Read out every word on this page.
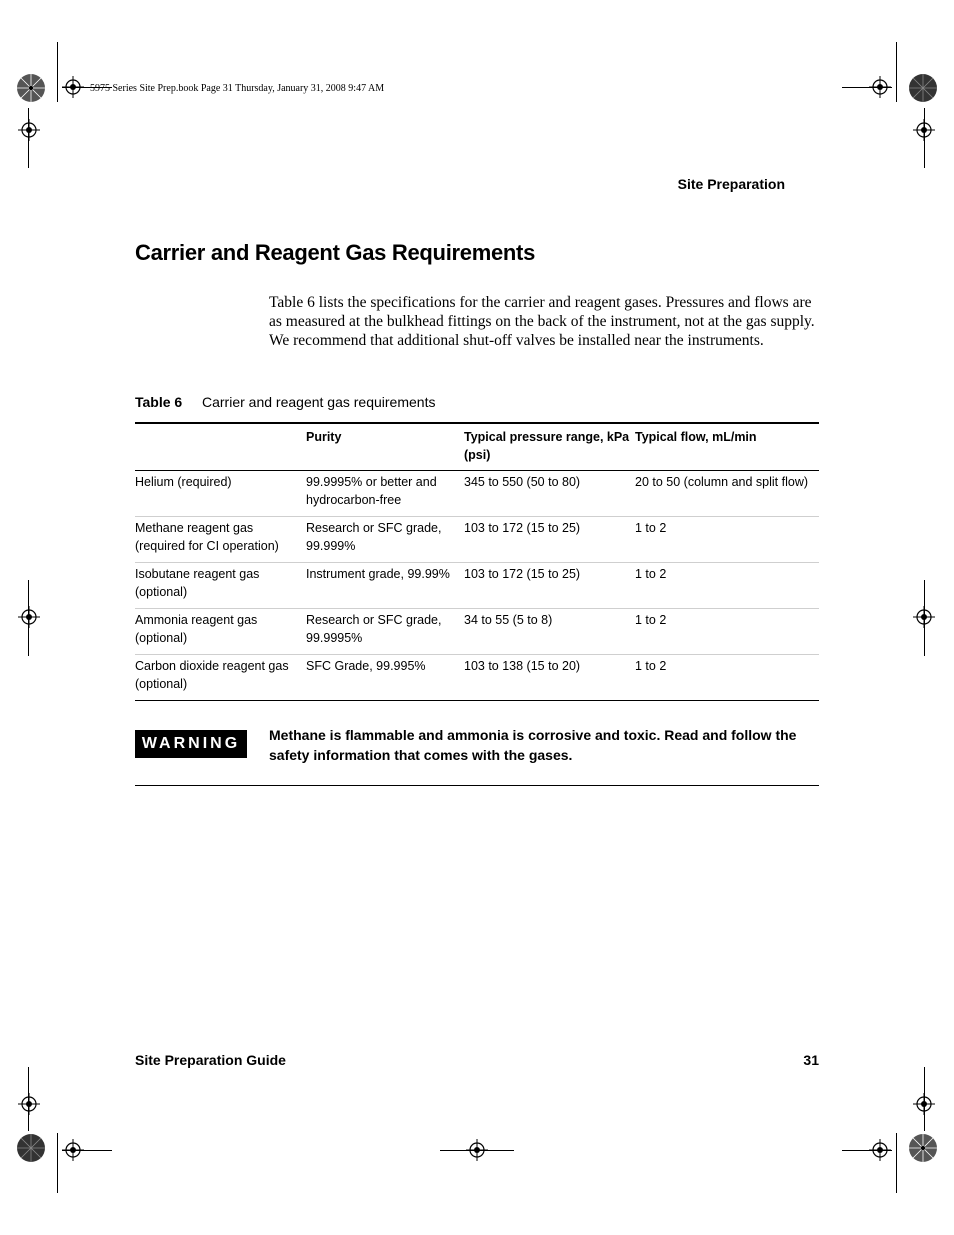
5975 Series Site Prep.book Page 31 Thursday, January 31, 2008 9:47 AM
Site Preparation
Carrier and Reagent Gas Requirements

Table 6 lists the specifications for the carrier and reagent gases. Pressures and flows are as measured at the bulkhead fittings on the back of the instrument, not at the gas supply. We recommend that additional shut-off valves be installed near the instruments.

Table 6 Carrier and reagent gas requirements
	Purity	Typical pressure range, kPa (psi)	Typical flow, mL/min
Helium (required)	99.9995% or better and hydrocarbon-free	345 to 550 (50 to 80)	20 to 50 (column and split flow)
Methane reagent gas (required for CI operation)	Research or SFC grade, 99.999%	103 to 172 (15 to 25)	1 to 2
Isobutane reagent gas (optional)	Instrument grade, 99.99%	103 to 172 (15 to 25)	1 to 2
Ammonia reagent gas (optional)	Research or SFC grade, 99.9995%	34 to 55 (5 to 8)	1 to 2
Carbon dioxide reagent gas (optional)	SFC Grade, 99.995%	103 to 138 (15 to 20)	1 to 2
WARNING	Methane is flammable and ammonia is corrosive and toxic. Read and follow the safety information that comes with the gases.
Site Preparation Guide	31
